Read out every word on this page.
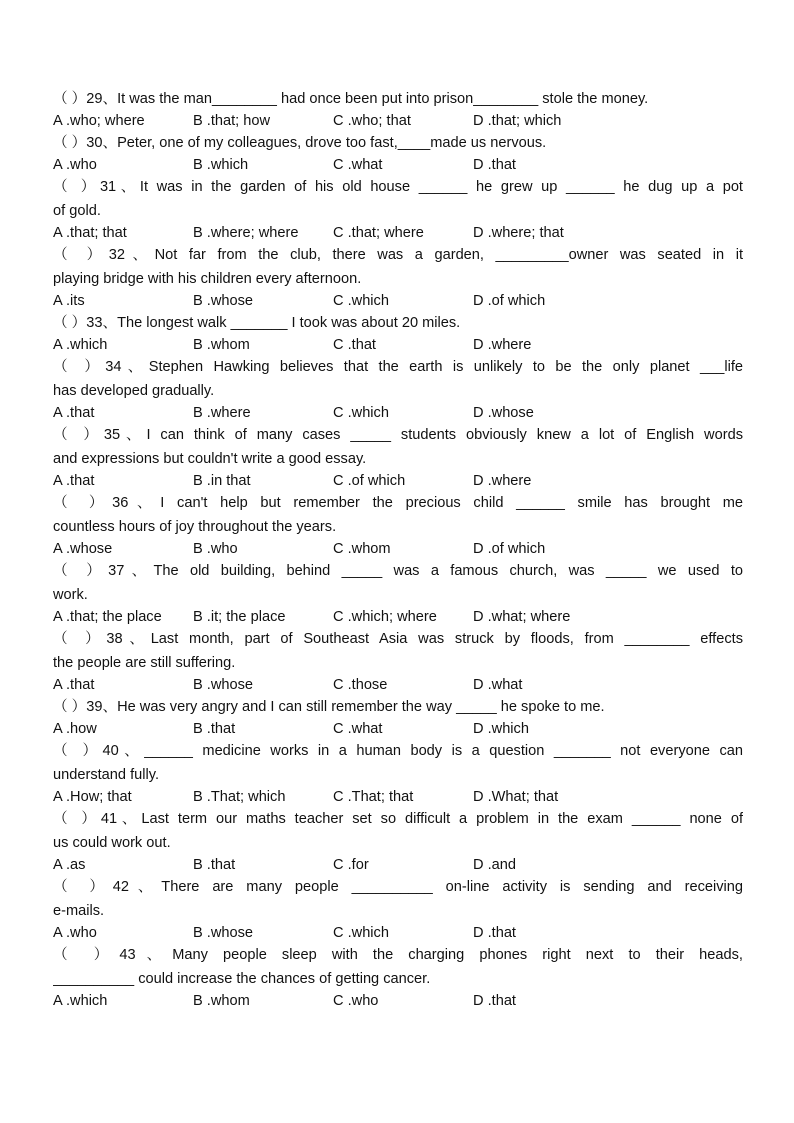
（ ）29、It was the man________ had once been put into prison________ stole the money.
A .who; where	B .that; how	C .who; that	D .that; which
（ ）30、Peter, one of my colleagues, drove too fast,____made us nervous.
A .who	B .which	C .what	D .that
（ ）31、It was in the garden of his old house ______ he grew up ______ he dug up a pot
of gold.
A .that; that	B .where; where	C .that; where	D .where; that
（ ）32、Not far from the club, there was a garden, _________owner was seated in it
playing bridge with his children every afternoon.
A .its	B .whose	C .which	D .of which
（ ）33、The longest walk _______ I took was about 20 miles.
A .which	B .whom	C .that	D .where
（ ）34、Stephen Hawking believes that the earth is unlikely to be the only planet ___life
has developed gradually.
A .that	B .where	C .which	D .whose
（ ）35、I can think of many cases _____ students obviously knew a lot of English words
and expressions but couldn't write a good essay.
A .that	B .in that	C .of which	D .where
（ ）36、I can't help but remember the precious child ______ smile has brought me
countless hours of joy throughout the years.
A .whose	B .who	C .whom	D .of which
（ ）37、The old building, behind _____ was a famous church, was _____ we used to
work.
A .that; the place	B .it; the place	C .which; where	D .what; where
（ ）38、Last month, part of Southeast Asia was struck by floods, from ________ effects
the people are still suffering.
A .that	B .whose	C .those	D .what
（ ）39、He was very angry and I can still remember the way _____ he spoke to me.
A .how	B .that	C .what	D .which
（ ）40、______ medicine works in a human body is a question _______ not everyone can
understand fully.
A .How; that	B .That; which	C .That; that	D .What; that
（ ）41、Last term our maths teacher set so difficult a problem in the exam ______ none of
us could work out.
A .as	B .that	C .for	D .and
（ ）42、There are many people __________ on-line activity is sending and receiving
e-mails.
A .who	B .whose	C .which	D .that
（ ）43、Many people sleep with the charging phones right next to their heads,
__________ could increase the chances of getting cancer.
A .which	B .whom	C .who	D .that
